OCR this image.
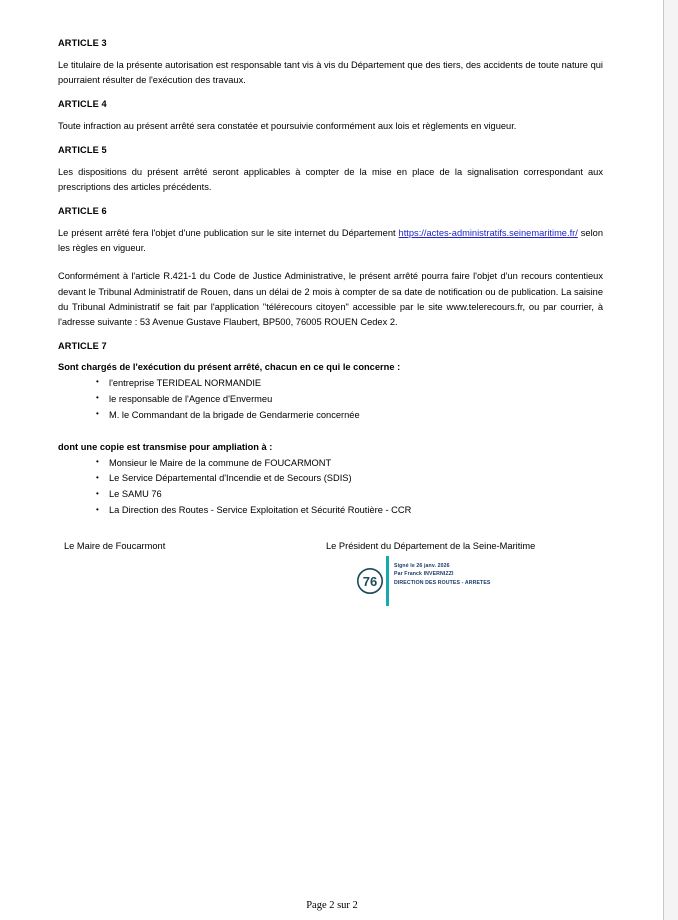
ARTICLE 3

Le titulaire de la présente autorisation est responsable tant vis à vis du Département que des tiers, des accidents de toute nature qui pourraient résulter de l'exécution des travaux.

ARTICLE 4

Toute infraction au présent arrêté sera constatée et poursuivie conformément aux lois et règlements en vigueur.

ARTICLE 5

Les dispositions du présent arrêté seront applicables à compter de la mise en place de la signalisation correspondant aux prescriptions des articles précédents.

ARTICLE 6

Le présent arrêté fera l'objet d'une publication sur le site internet du Département https://actes-administratifs.seinemaritime.fr/ selon les règles en vigueur.

Conformément à l'article R.421-1 du Code de Justice Administrative, le présent arrêté pourra faire l'objet d'un recours contentieux devant le Tribunal Administratif de Rouen, dans un délai de 2 mois à compter de sa date de notification ou de publication. La saisine du Tribunal Administratif se fait par l'application "télérecours citoyen" accessible par le site www.telerecours.fr, ou par courrier, à l'adresse suivante : 53 Avenue Gustave Flaubert, BP500, 76005 ROUEN Cedex 2.

ARTICLE 7

Sont chargés de l'exécution du présent arrêté, chacun en ce qui le concerne :

• l'entreprise TERIDEAL NORMANDIE
• le responsable de l'Agence d'Envermeu
• M. le Commandant de la brigade de Gendarmerie concernée

dont une copie est transmise pour ampliation à :

• Monsieur le Maire de la commune de FOUCARMONT
• Le Service Départemental d'Incendie et de Secours (SDIS)
• Le SAMU 76
• La Direction des Routes - Service Exploitation et Sécurité Routière - CCR
Le Maire de Foucarmont	Le Président du Département de la Seine-Maritime
76
Signé le 26 janv. 2026
Par Franck INVERNIZZI
DIRECTION DES ROUTES - ARRETES
Page 2 sur 2
